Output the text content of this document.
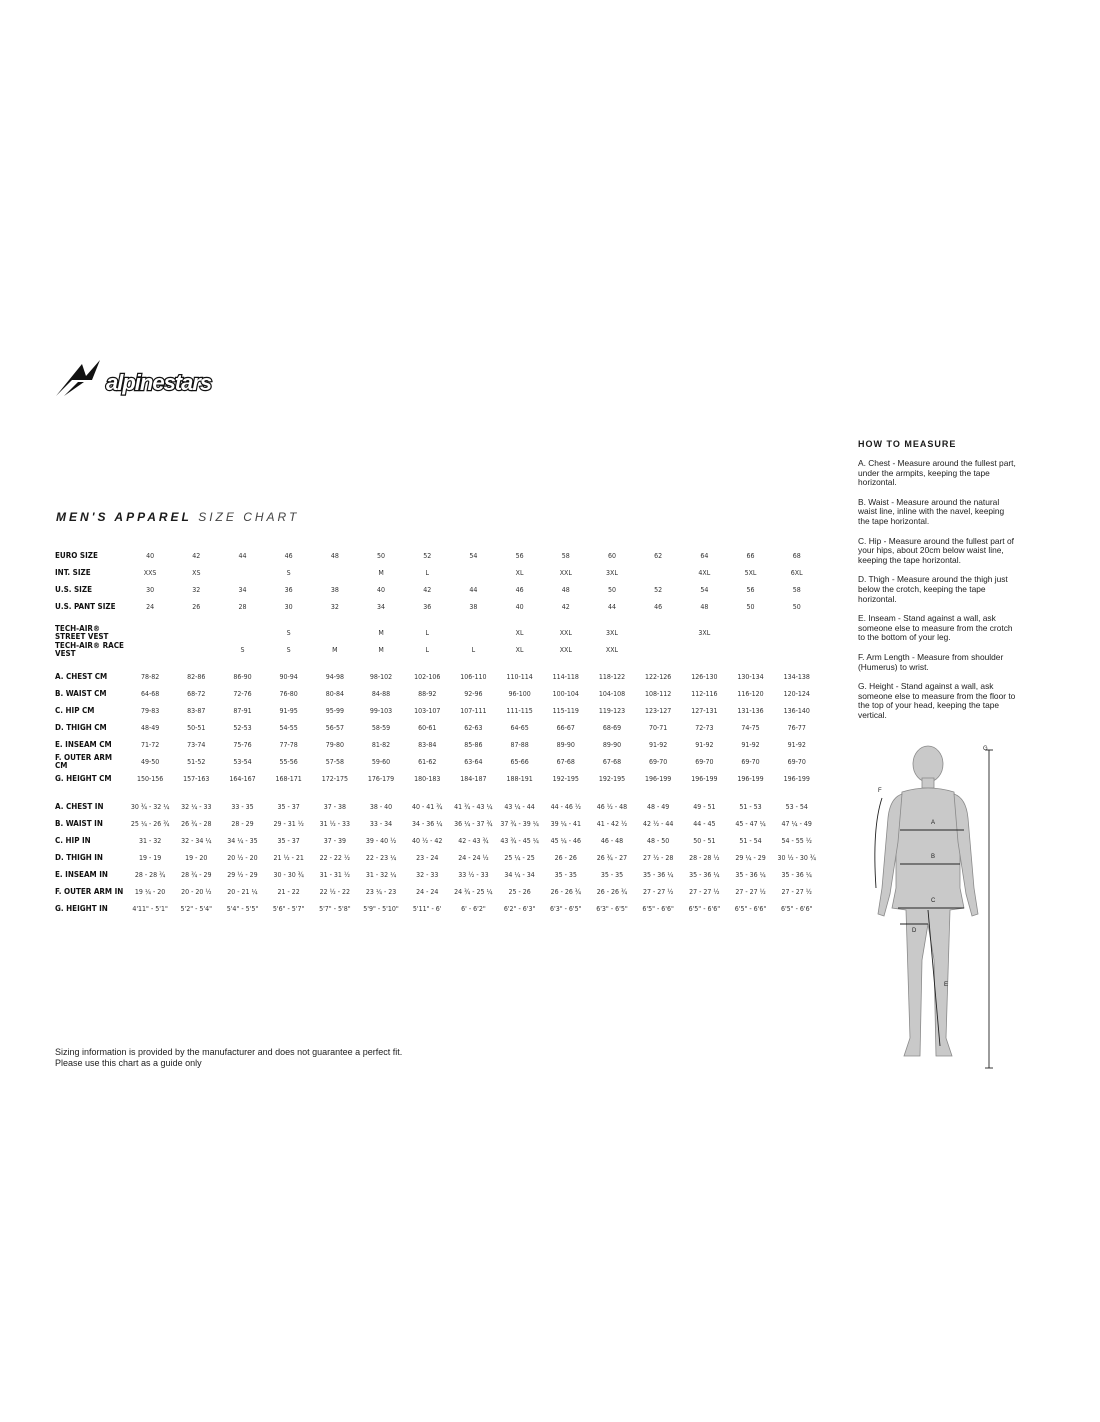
alpinestars
MEN'S APPAREL SIZE CHART
EURO SIZE	40	42	44	46	48	50	52	54	56	58	60	62	64	66	68
INT. SIZE	XXS	XS		S		M	L		XL	XXL	3XL		4XL	5XL	6XL
U.S. SIZE	30	32	34	36	38	40	42	44	46	48	50	52	54	56	58
U.S. PANT SIZE	24	26	28	30	32	34	36	38	40	42	44	46	48	50	50
TECH-AIR® STREET VEST				S		M	L		XL	XXL	3XL		3XL		
TECH-AIR® RACE VEST			S	S	M	M	L	L	XL	XXL	XXL				
A. CHEST CM	78-82	82-86	86-90	90-94	94-98	98-102	102-106	106-110	110-114	114-118	118-122	122-126	126-130	130-134	134-138
B. WAIST CM	64-68	68-72	72-76	76-80	80-84	84-88	88-92	92-96	96-100	100-104	104-108	108-112	112-116	116-120	120-124
C. HIP CM	79-83	83-87	87-91	91-95	95-99	99-103	103-107	107-111	111-115	115-119	119-123	123-127	127-131	131-136	136-140
D. THIGH CM	48-49	50-51	52-53	54-55	56-57	58-59	60-61	62-63	64-65	66-67	68-69	70-71	72-73	74-75	76-77
E. INSEAM CM	71-72	73-74	75-76	77-78	79-80	81-82	83-84	85-86	87-88	89-90	89-90	91-92	91-92	91-92	91-92
F. OUTER ARM CM	49-50	51-52	53-54	55-56	57-58	59-60	61-62	63-64	65-66	67-68	67-68	69-70	69-70	69-70	69-70
G. HEIGHT CM	150-156	157-163	164-167	168-171	172-175	176-179	180-183	184-187	188-191	192-195	192-195	196-199	196-199	196-199	196-199
A. CHEST IN	30 ¾ - 32 ¼	32 ¼ - 33	33 - 35	35 - 37	37 - 38	38 - 40	40 - 41 ¾	41 ¾ - 43 ¼	43 ¼ - 44	44 - 46 ½	46 ½ - 48	48 - 49	49 - 51	51 - 53	53 - 54
B. WAIST IN	25 ¼ - 26 ¾	26 ¾ - 28	28 - 29	29 - 31 ½	31 ½ - 33	33 - 34	34 - 36 ¼	36 ¼ - 37 ¾	37 ¾ - 39 ¼	39 ¼ - 41	41 - 42 ½	42 ½ - 44	44 - 45	45 - 47 ¼	47 ¼ - 49
C. HIP IN	31 - 32	32 - 34 ¼	34 ¼ - 35	35 - 37	37 - 39	39 - 40 ½	40 ½ - 42	42 - 43 ¾	43 ¾ - 45 ¼	45 ¼ - 46	46 - 48	48 - 50	50 - 51	51 - 54	54 - 55 ½
D. THIGH IN	19 - 19	19 - 20	20 ½ - 20	21 ½ - 21	22 - 22 ½	22 - 23 ¼	23 - 24	24 - 24 ½	25 ¼ - 25	26 - 26	26 ¾ - 27	27 ½ - 28	28 - 28 ½	29 ¼ - 29	30 ½ - 30 ¾
E. INSEAM IN	28 - 28 ¾	28 ¾ - 29	29 ½ - 29	30 - 30 ¾	31 - 31 ½	31 - 32 ¼	32 - 33	33 ½ - 33	34 ¼ - 34	35 - 35	35 - 35	35 - 36 ¼	35 - 36 ¼	35 - 36 ¼	35 - 36 ¼
F. OUTER ARM IN	19 ¼ - 20	20 - 20 ½	20 - 21 ¼	21 - 22	22 ½ - 22	23 ¼ - 23	24 - 24	24 ¾ - 25 ¼	25 - 26	26 - 26 ¾	26 - 26 ¾	27 - 27 ½	27 - 27 ½	27 - 27 ½	27 - 27 ½
G. HEIGHT IN	4'11" - 5'1"	5'2" - 5'4"	5'4" - 5'5"	5'6" - 5'7"	5'7" - 5'8"	5'9" - 5'10"	5'11" - 6'	6' - 6'2"	6'2" - 6'3"	6'3" - 6'5"	6'3" - 6'5"	6'5" - 6'6"	6'5" - 6'6"	6'5" - 6'6"	6'5" - 6'6"
Sizing information is provided by the manufacturer and does not guarantee a perfect fit.
Please use this chart as a guide only
HOW TO MEASURE
A. Chest - Measure around the fullest part, under the armpits, keeping the tape horizontal.
B. Waist - Measure around the natural waist line, inline with the navel, keeping the tape horizontal.
C. Hip - Measure around the fullest part of your hips, about 20cm below waist line, keeping the tape horizontal.
D. Thigh - Measure around the thigh just below the crotch, keeping the tape horizontal.
E. Inseam - Stand against a wall, ask someone else to measure from the crotch to the bottom of your leg.
F. Arm Length - Measure from shoulder (Humerus) to wrist.
G. Height - Stand against a wall, ask someone else to measure from the floor to the top of your head, keeping the tape vertical.
A
B
C
D
E
F
G
